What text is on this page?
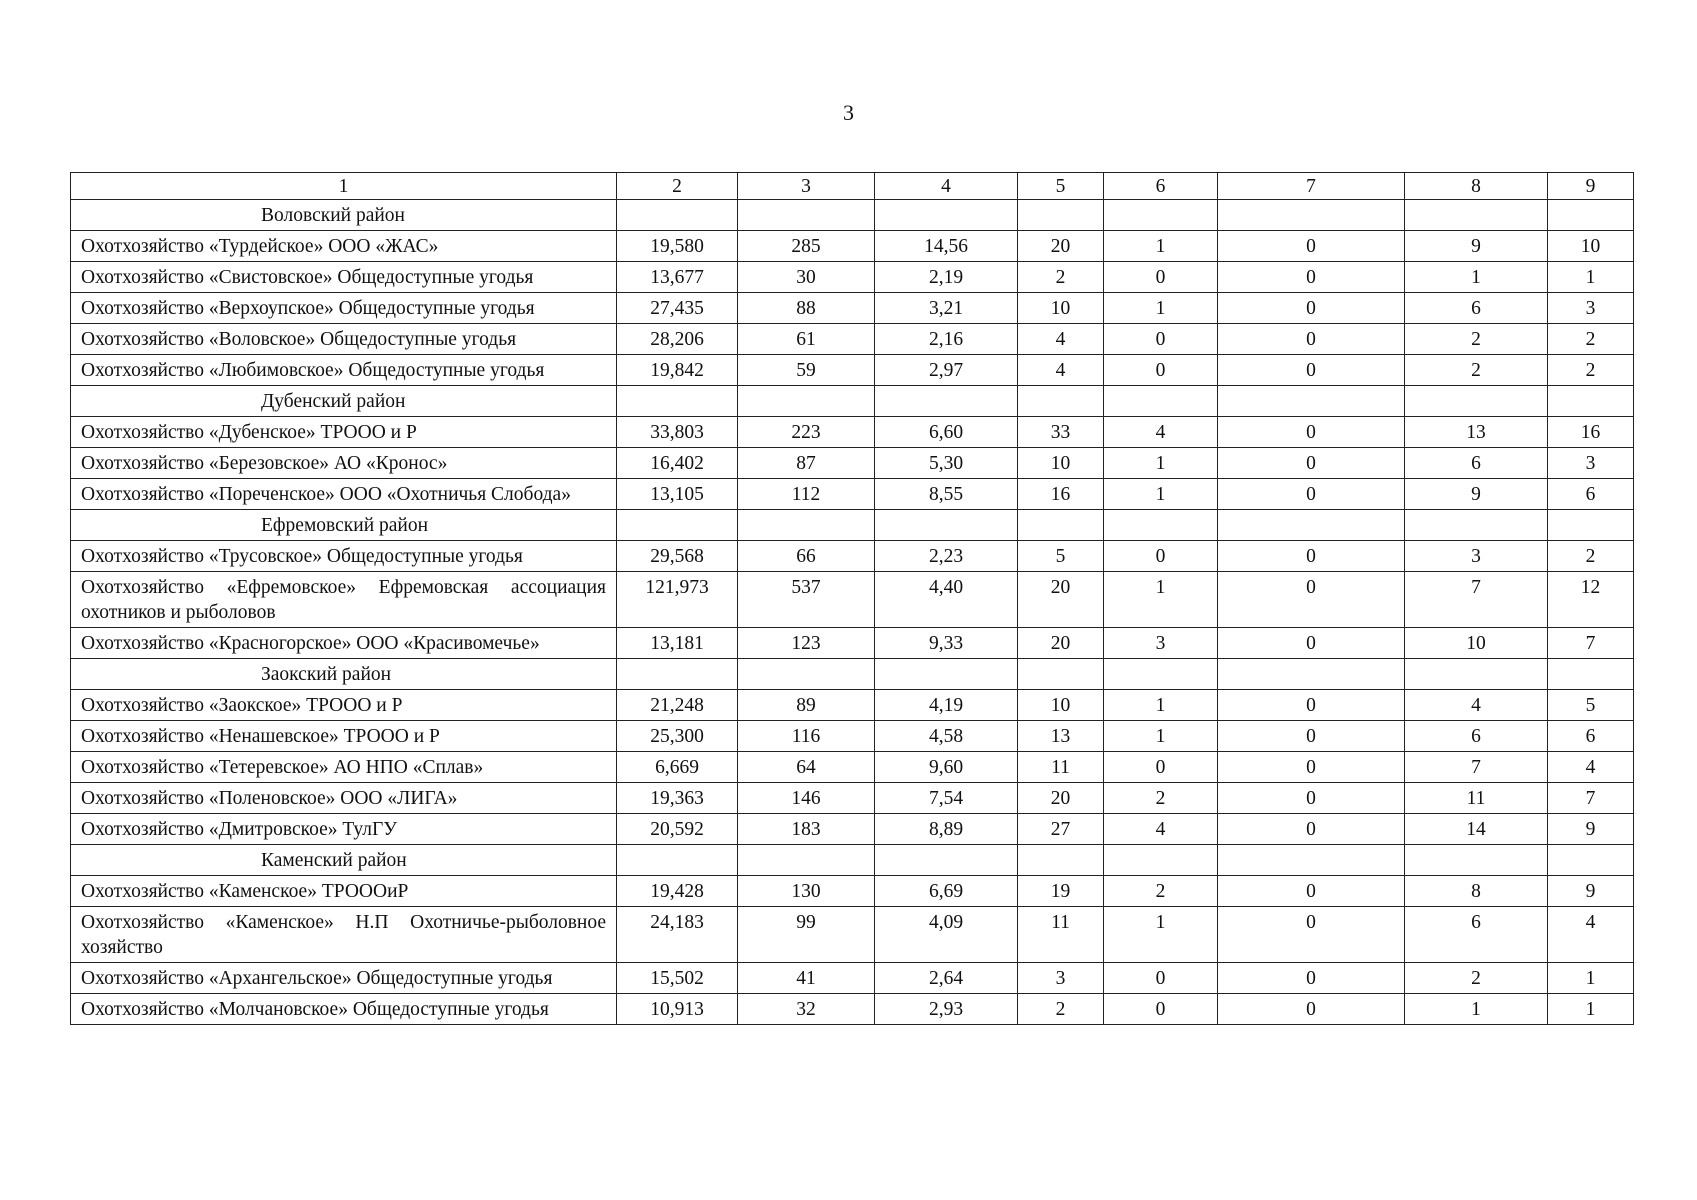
3
1	2	3	4	5	6	7	8	9
Воловский район								
Охотхозяйство «Турдейское» ООО «ЖАС»	19,580	285	14,56	20	1	0	9	10
Охотхозяйство «Свистовское» Общедоступные угодья	13,677	30	2,19	2	0	0	1	1
Охотхозяйство «Верхоупское» Общедоступные угодья	27,435	88	3,21	10	1	0	6	3
Охотхозяйство «Воловское» Общедоступные угодья	28,206	61	2,16	4	0	0	2	2
Охотхозяйство «Любимовское» Общедоступные угодья	19,842	59	2,97	4	0	0	2	2
Дубенский район								
Охотхозяйство «Дубенское» ТРООО и Р	33,803	223	6,60	33	4	0	13	16
Охотхозяйство «Березовское» АО «Кронос»	16,402	87	5,30	10	1	0	6	3
Охотхозяйство «Пореченское» ООО «Охотничья Слобода»	13,105	112	8,55	16	1	0	9	6
Ефремовский район								
Охотхозяйство «Трусовское» Общедоступные угодья	29,568	66	2,23	5	0	0	3	2
Охотхозяйство «Ефремовское» Ефремовская ассоциация охотников и рыболовов	121,973	537	4,40	20	1	0	7	12
Охотхозяйство «Красногорское» ООО «Красивомечье»	13,181	123	9,33	20	3	0	10	7
Заокский район								
Охотхозяйство «Заокское» ТРООО и Р	21,248	89	4,19	10	1	0	4	5
Охотхозяйство «Ненашевское» ТРООО и Р	25,300	116	4,58	13	1	0	6	6
Охотхозяйство «Тетеревское» АО НПО «Сплав»	6,669	64	9,60	11	0	0	7	4
Охотхозяйство «Поленовское» ООО «ЛИГА»	19,363	146	7,54	20	2	0	11	7
Охотхозяйство «Дмитровское» ТулГУ	20,592	183	8,89	27	4	0	14	9
Каменский район								
Охотхозяйство «Каменское» ТРОООиР	19,428	130	6,69	19	2	0	8	9
Охотхозяйство «Каменское» Н.П Охотничье-рыболовное хозяйство	24,183	99	4,09	11	1	0	6	4
Охотхозяйство «Архангельское» Общедоступные угодья	15,502	41	2,64	3	0	0	2	1
Охотхозяйство «Молчановское» Общедоступные угодья	10,913	32	2,93	2	0	0	1	1
